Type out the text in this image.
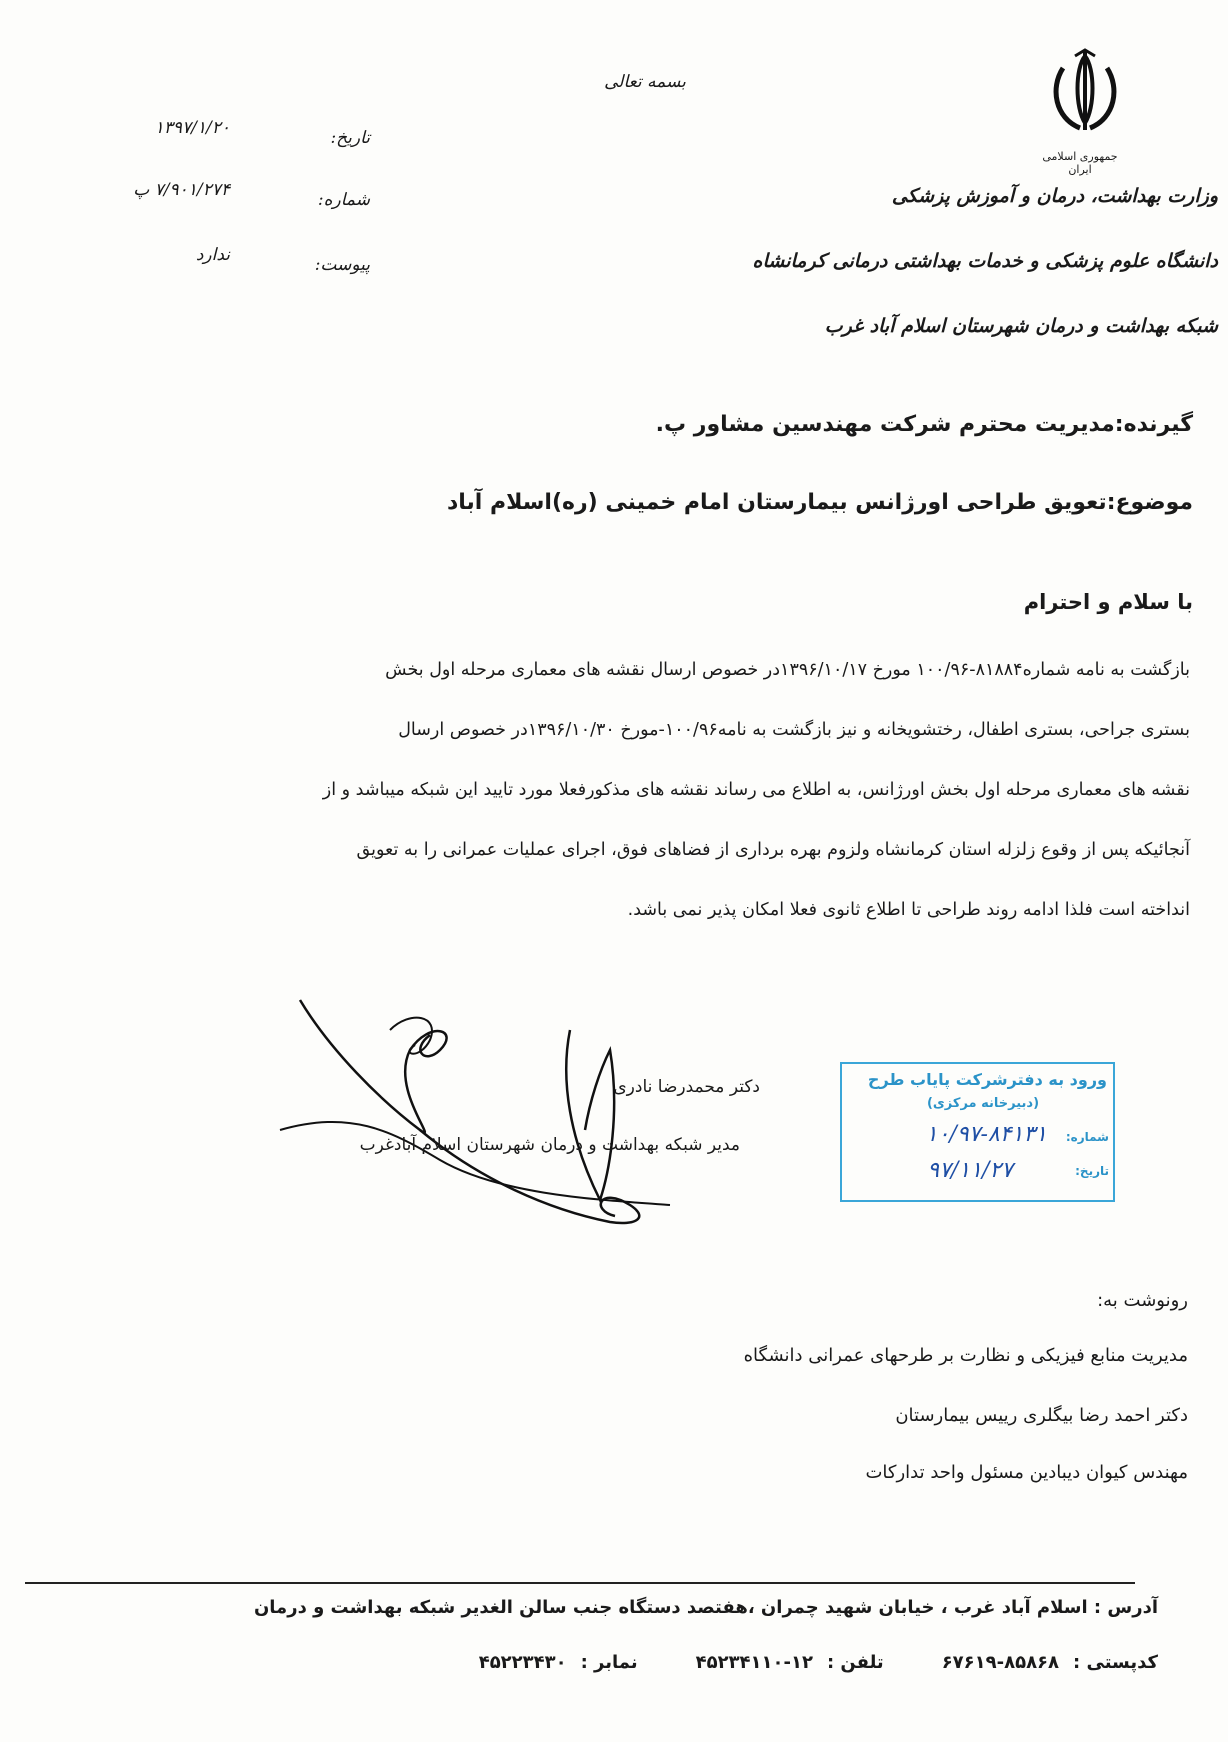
بسمه تعالی
جمهوری اسلامی ایران
وزارت بهداشت، درمان و آموزش پزشکی
دانشگاه علوم پزشکی و خدمات بهداشتی درمانی کرمانشاه
شبکه بهداشت و درمان شهرستان اسلام آباد غرب
تاریخ:
۱۳۹۷/۱/۲۰
شماره:
۷/۹۰۱/۲۷۴ پ
پیوست:
ندارد
گیرنده:مدیریت محترم شرکت مهندسین مشاور پ.
موضوع:تعویق طراحی اورژانس بیمارستان امام خمینی (ره)اسلام آباد
با سلام و احترام
بازگشت به نامه شماره۸۱۸۸۴-۱۰۰/۹۶ مورخ ۱۳۹۶/۱۰/۱۷در خصوص ارسال نقشه های معماری مرحله اول بخش
بستری جراحی، بستری اطفال، رختشویخانه و نیز بازگشت به نامه۱۰۰/۹۶-مورخ ۱۳۹۶/۱۰/۳۰در خصوص ارسال
نقشه های معماری مرحله اول بخش اورژانس، به اطلاع می رساند نقشه های مذکورفعلا مورد تایید این شبکه میباشد و از
آنجائیکه پس از وقوع زلزله استان کرمانشاه ولزوم بهره برداری از فضاهای فوق، اجرای عملیات عمرانی را به تعویق
انداخته است فلذا ادامه روند طراحی تا اطلاع ثانوی فعلا امکان پذیر نمی باشد.
دکتر محمدرضا نادری
مدیر شبکه بهداشت و درمان شهرستان اسلام آبادغرب
ورود به دفترشرکت پایاب طرح
(دبیرخانه مرکزی)
شماره:
۱۰/۹۷-۸۴۱۳۱
تاریخ:
۹۷/۱۱/۲۷
رونوشت به:
مدیریت منابع فیزیکی و نظارت بر طرحهای عمرانی دانشگاه
دکتر احمد رضا بیگلری رییس بیمارستان
مهندس کیوان دیبادین مسئول واحد تدارکات
آدرس : اسلام آباد غرب ، خیابان شهید چمران ،هفتصد دستگاه جنب سالن الغدیر شبکه بهداشت و درمان
کدپستی :
۶۷۶۱۹-۸۵۸۶۸
تلفن :
۴۵۲۳۴۱۱۰-۱۲
نمابر :
۴۵۲۲۳۴۳۰
